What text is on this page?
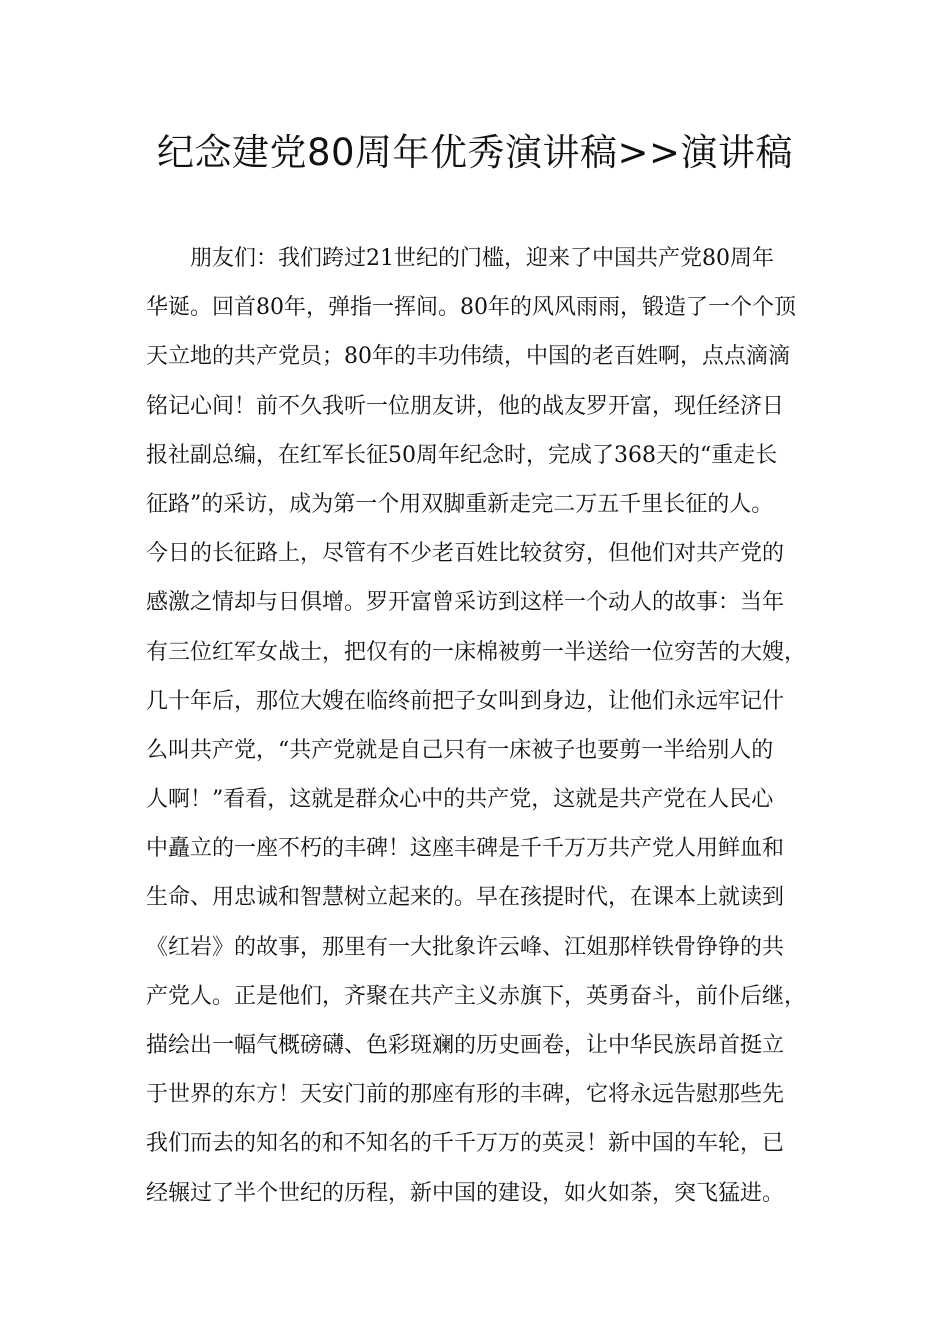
纪念建党80周年优秀演讲稿>>演讲稿
朋友们：我们跨过21世纪的门槛，迎来了中国共产党80周年
华诞。回首80年，弹指一挥间。80年的风风雨雨，锻造了一个个顶
天立地的共产党员；80年的丰功伟绩，中国的老百姓啊，点点滴滴
铭记心间！前不久我听一位朋友讲，他的战友罗开富，现任经济日
报社副总编，在红军长征50周年纪念时，完成了368天的“重走长
征路”的采访，成为第一个用双脚重新走完二万五千里长征的人。
今日的长征路上，尽管有不少老百姓比较贫穷，但他们对共产党的
感激之情却与日俱增。罗开富曾采访到这样一个动人的故事：当年
有三位红军女战士，把仅有的一床棉被剪一半送给一位穷苦的大嫂，
几十年后，那位大嫂在临终前把子女叫到身边，让他们永远牢记什
么叫共产党，“共产党就是自己只有一床被子也要剪一半给别人的
人啊！”看看，这就是群众心中的共产党，这就是共产党在人民心
中矗立的一座不朽的丰碑！这座丰碑是千千万万共产党人用鲜血和
生命、用忠诚和智慧树立起来的。早在孩提时代，在课本上就读到
《红岩》的故事，那里有一大批象许云峰、江姐那样铁骨铮铮的共
产党人。正是他们，齐聚在共产主义赤旗下，英勇奋斗，前仆后继，
描绘出一幅气概磅礴、色彩斑斓的历史画卷，让中华民族昂首挺立
于世界的东方！天安门前的那座有形的丰碑，它将永远告慰那些先
我们而去的知名的和不知名的千千万万的英灵！新中国的车轮，已
经辗过了半个世纪的历程，新中国的建设，如火如荼，突飞猛进。
